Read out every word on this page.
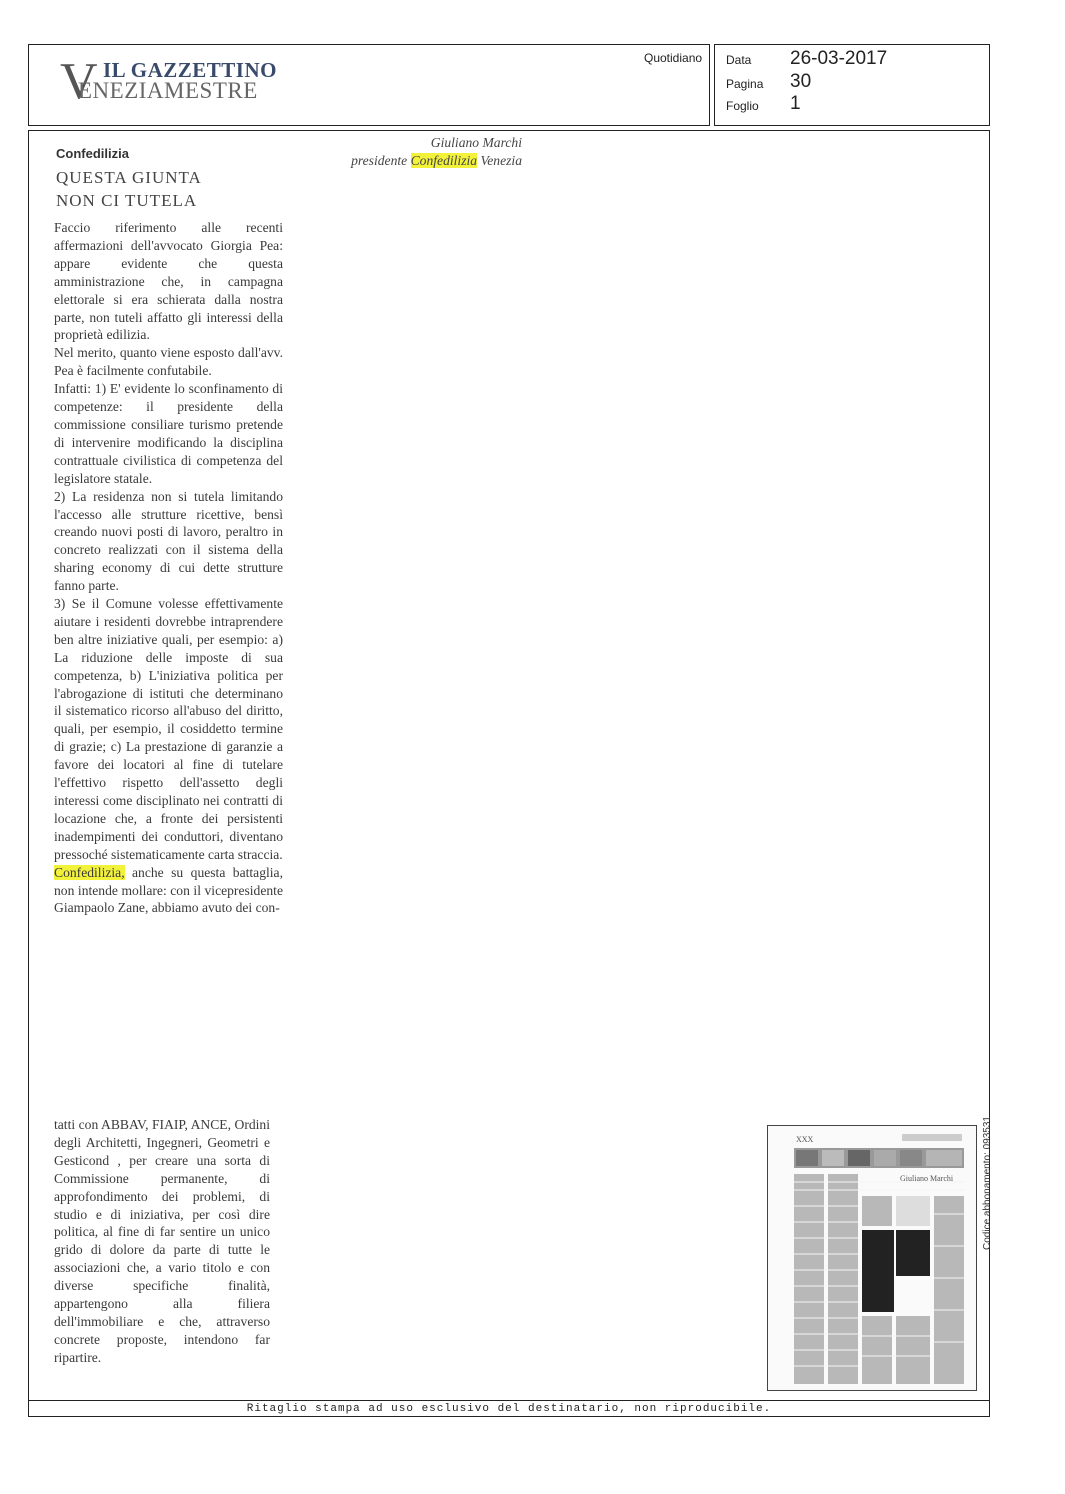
V IL GAZZETTINO
ENEZIAMESTRE
Quotidiano Data 26-03-2017
Pagina 30
Foglio 1
Confedilizia
QUESTA GIUNTA
NON CI TUTELA
Giuliano Marchi
presidente Confedilizia Venezia

Faccio riferimento alle recenti affermazioni dell'avvocato Giorgia Pea: appare evidente che questa amministrazione che, in campagna elettorale si era schierata dalla nostra parte, non tuteli affatto gli interessi della proprietà edilizia.

Nel merito, quanto viene esposto dall'avv. Pea è facilmente confutabile.

Infatti: 1) E' evidente lo sconfinamento di competenze: il presidente della commissione consiliare turismo pretende di intervenire modificando la disciplina contrattuale civilistica di competenza del legislatore statale.

2) La residenza non si tutela limitando l'accesso alle strutture ricettive, bensì creando nuovi posti di lavoro, peraltro in concreto realizzati con il sistema della sharing economy di cui dette strutture fanno parte.

3) Se il Comune volesse effettivamente aiutare i residenti dovrebbe intraprendere ben altre iniziative quali, per esempio: a) La riduzione delle imposte di sua competenza, b) L'iniziativa politica per l'abrogazione di istituti che determinano il sistematico ricorso all'abuso del diritto, quali, per esempio, il cosiddetto termine di grazie; c) La prestazione di garanzie a favore dei locatori al fine di tutelare l'effettivo rispetto dell'assetto degli interessi come disciplinato nei contratti di locazione che, a fronte dei persistenti inadempimenti dei conduttori, diventano pressoché sistematicamente carta straccia.

Confedilizia, anche su questa battaglia, non intende mollare: con il vicepresidente Giampaolo Zane, abbiamo avuto dei con-

tatti con ABBAV, FIAIP, ANCE, Ordini degli Architetti, Ingegneri, Geometri e Gesticond , per creare una sorta di Commissione permanente, di approfondimento dei problemi, di studio e di iniziativa, per così dire politica, al fine di far sentire un unico grido di dolore da parte di tutte le associazioni che, a vario titolo e con diverse specifiche finalità, appartengono alla filiera dell'immobiliare e che, attraverso concrete proposte, intendono far ripartire.

XXX
Giuliano Marchi
Ritaglio stampa ad uso esclusivo del destinatario, non riproducibile.
Codice abbonamento: 093531
